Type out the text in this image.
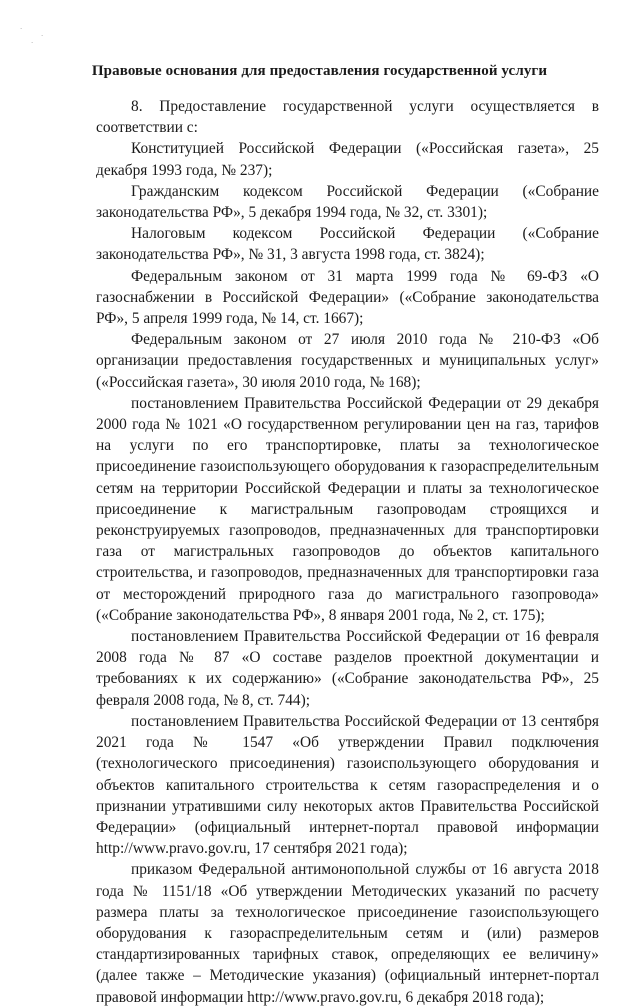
·
·
·
Правовые основания для предоставления государственной услуги

8. Предоставление государственной услуги осуществляется в соответствии с:

Конституцией Российской Федерации («Российская газета», 25 декабря 1993 года, № 237);

Гражданским кодексом Российской Федерации («Собрание законодательства РФ», 5 декабря 1994 года, № 32, ст. 3301);

Налоговым кодексом Российской Федерации («Собрание законодательства РФ», № 31, 3 августа 1998 года, ст. 3824);

Федеральным законом от 31 марта 1999 года № 69-ФЗ «О газоснабжении в Российской Федерации» («Собрание законодательства РФ», 5 апреля 1999 года, № 14, ст. 1667);

Федеральным законом от 27 июля 2010 года № 210-ФЗ «Об организации предоставления государственных и муниципальных услуг» («Российская газета», 30 июля 2010 года, № 168);

постановлением Правительства Российской Федерации от 29 декабря 2000 года № 1021 «О государственном регулировании цен на газ, тарифов на услуги по его транспортировке, платы за технологическое присоединение газоиспользующего оборудования к газораспределительным сетям на территории Российской Федерации и платы за технологическое присоединение к магистральным газопроводам строящихся и реконструируемых газопроводов, предназначенных для транспортировки газа от магистральных газопроводов до объектов капитального строительства, и газопроводов, предназначенных для транспортировки газа от месторождений природного газа до магистрального газопровода» («Собрание законодательства РФ», 8 января 2001 года, № 2, ст. 175);

постановлением Правительства Российской Федерации от 16 февраля 2008 года № 87 «О составе разделов проектной документации и требованиях к их содержанию» («Собрание законодательства РФ», 25 февраля 2008 года, № 8, ст. 744);

постановлением Правительства Российской Федерации от 13 сентября 2021 года № 1547 «Об утверждении Правил подключения (технологического присоединения) газоиспользующего оборудования и объектов капитального строительства к сетям газораспределения и о признании утратившими силу некоторых актов Правительства Российской Федерации» (официальный интернет-портал правовой информации http://www.pravo.gov.ru, 17 сентября 2021 года);

приказом Федеральной антимонопольной службы от 16 августа 2018 года № 1151/18 «Об утверждении Методических указаний по расчету размера платы за технологическое присоединение газоиспользующего оборудования к газораспределительным сетям и (или) размеров стандартизированных тарифных ставок, определяющих ее величину» (далее также – Методические указания) (официальный интернет-портал правовой информации http://www.pravo.gov.ru, 6 декабря 2018 года);
